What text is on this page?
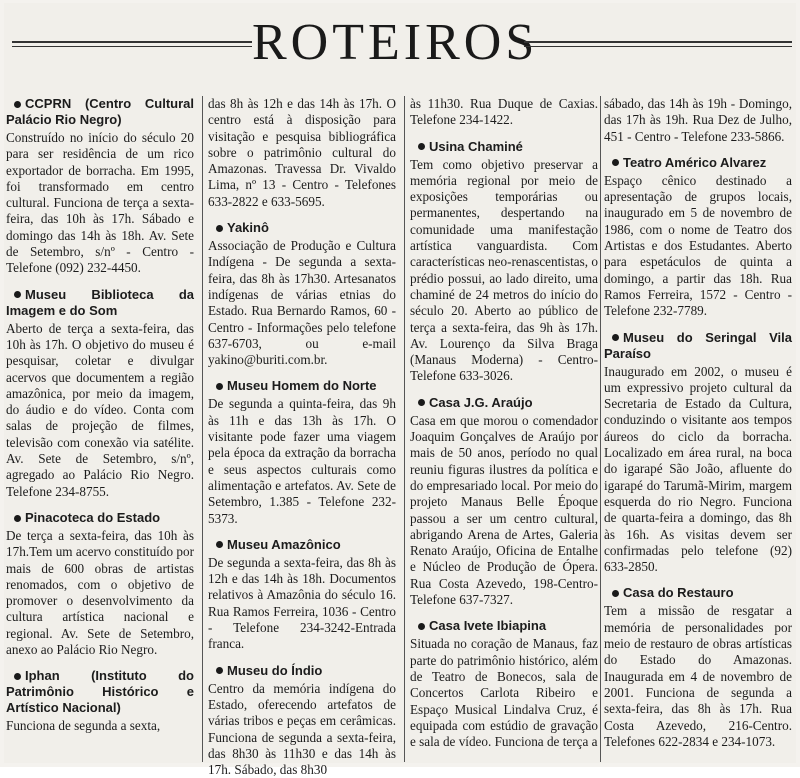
ROTEIROS
CCPRN (Centro Cultural Palácio Rio Negro)
Construído no início do século 20 para ser residência de um rico exportador de borracha. Em 1995, foi transformado em centro cultural. Funciona de terça a sexta-feira, das 10h às 17h. Sábado e domingo das 14h às 18h. Av. Sete de Setembro, s/nº - Centro - Telefone (092) 232-4450.
Museu Biblioteca da Imagem e do Som
Aberto de terça a sexta-feira, das 10h às 17h. O objetivo do museu é pesquisar, coletar e divulgar acervos que documentem a região amazônica, por meio da imagem, do áudio e do vídeo. Conta com salas de projeção de filmes, televisão com conexão via satélite. Av. Sete de Setembro, s/nº, agregado ao Palácio Rio Negro. Telefone 234-8755.
Pinacoteca do Estado
De terça a sexta-feira, das 10h às 17h.Tem um acervo constituído por mais de 600 obras de artistas renomados, com o objetivo de promover o desenvolvimento da cultura artística nacional e regional. Av. Sete de Setembro, anexo ao Palácio Rio Negro.
Iphan (Instituto do Patrimônio Histórico e Artístico Nacional)
Funciona de segunda a sexta,
das 8h às 12h e das 14h às 17h. O centro está à disposição para visitação e pesquisa bibliográfica sobre o patrimônio cultural do Amazonas. Travessa Dr. Vivaldo Lima, nº 13 - Centro - Telefones 633-2822 e 633-5695.
Yakinô
Associação de Produção e Cultura Indígena - De segunda a sexta-feira, das 8h às 17h30. Artesanatos indígenas de várias etnias do Estado. Rua Bernardo Ramos, 60 - Centro - Informações pelo telefone 637-6703, ou e-mail yakino@buriti.com.br.
Museu Homem do Norte
De segunda a quinta-feira, das 9h às 11h e das 13h às 17h. O visitante pode fazer uma viagem pela época da extração da borracha e seus aspectos culturais como alimentação e artefatos. Av. Sete de Setembro, 1.385 - Telefone 232-5373.
Museu Amazônico
De segunda a sexta-feira, das 8h às 12h e das 14h às 18h. Documentos relativos à Amazônia do século 16. Rua Ramos Ferreira, 1036 - Centro - Telefone 234-3242-Entrada franca.
Museu do Índio
Centro da memória indígena do Estado, oferecendo artefatos de várias tribos e peças em cerâmicas. Funciona de segunda a sexta-feira, das 8h30 às 11h30 e das 14h às 17h. Sábado, das 8h30
às 11h30. Rua Duque de Caxias. Telefone 234-1422.
Usina Chaminé
Tem como objetivo preservar a memória regional por meio de exposições temporárias ou permanentes, despertando na comunidade uma manifestação artística vanguardista. Com características neo-renascentistas, o prédio possui, ao lado direito, uma chaminé de 24 metros do início do século 20. Aberto ao público de terça a sexta-feira, das 9h às 17h. Av. Lourenço da Silva Braga (Manaus Moderna) - Centro-Telefone 633-3026.
Casa J.G. Araújo
Casa em que morou o comendador Joaquim Gonçalves de Araújo por mais de 50 anos, período no qual reuniu figuras ilustres da política e do empresariado local. Por meio do projeto Manaus Belle Époque passou a ser um centro cultural, abrigando Arena de Artes, Galeria Renato Araújo, Oficina de Entalhe e Núcleo de Produção de Ópera. Rua Costa Azevedo, 198-Centro-Telefone 637-7327.
Casa Ivete Ibiapina
Situada no coração de Manaus, faz parte do patrimônio histórico, além de Teatro de Bonecos, sala de Concertos Carlota Ribeiro e Espaço Musical Lindalva Cruz, é equipada com estúdio de gravação e sala de vídeo. Funciona de terça a
sábado, das 14h às 19h - Domingo, das 17h às 19h. Rua Dez de Julho, 451 - Centro - Telefone 233-5866.
Teatro Américo Alvarez
Espaço cênico destinado a apresentação de grupos locais, inaugurado em 5 de novembro de 1986, com o nome de Teatro dos Artistas e dos Estudantes. Aberto para espetáculos de quinta a domingo, a partir das 18h. Rua Ramos Ferreira, 1572 - Centro - Telefone 232-7789.
Museu do Seringal Vila Paraíso
Inaugurado em 2002, o museu é um expressivo projeto cultural da Secretaria de Estado da Cultura, conduzindo o visitante aos tempos áureos do ciclo da borracha. Localizado em área rural, na boca do igarapé São João, afluente do igarapé do Tarumã-Mirim, margem esquerda do rio Negro. Funciona de quarta-feira a domingo, das 8h às 16h. As visitas devem ser confirmadas pelo telefone (92) 633-2850.
Casa do Restauro
Tem a missão de resgatar a memória de personalidades por meio de restauro de obras artísticas do Estado do Amazonas. Inaugurada em 4 de novembro de 2001. Funciona de segunda a sexta-feira, das 8h às 17h. Rua Costa Azevedo, 216-Centro. Telefones 622-2834 e 234-1073.
